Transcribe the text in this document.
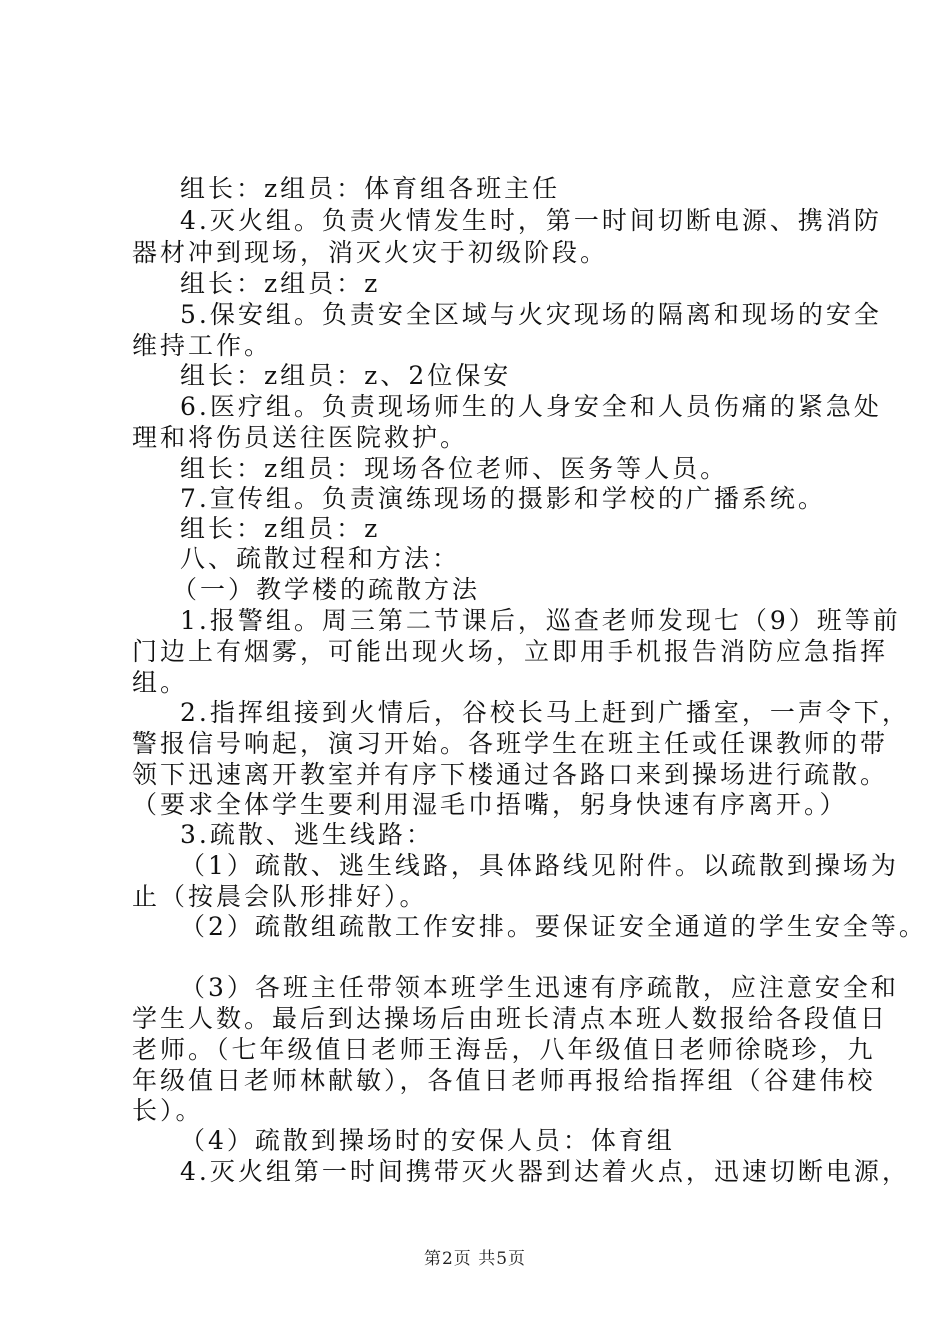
组长：z组员：体育组各班主任
4.灭火组。负责火情发生时，第一时间切断电源、携消防
器材冲到现场，消灭火灾于初级阶段。
组长：z组员：z
5.保安组。负责安全区域与火灾现场的隔离和现场的安全
维持工作。
组长：z组员：z、2位保安
6.医疗组。负责现场师生的人身安全和人员伤痛的紧急处
理和将伤员送往医院救护。
组长：z组员：现场各位老师、医务等人员。
7.宣传组。负责演练现场的摄影和学校的广播系统。
组长：z组员：z
八、疏散过程和方法：
（一）教学楼的疏散方法
1.报警组。周三第二节课后，巡查老师发现七（9）班等前
门边上有烟雾，可能出现火场，立即用手机报告消防应急指挥
组。
2.指挥组接到火情后，谷校长马上赶到广播室，一声令下，
警报信号响起，演习开始。各班学生在班主任或任课教师的带
领下迅速离开教室并有序下楼通过各路口来到操场进行疏散。
（要求全体学生要利用湿毛巾捂嘴，躬身快速有序离开。）
3.疏散、逃生线路：
（1）疏散、逃生线路，具体路线见附件。以疏散到操场为
止（按晨会队形排好）。
（2）疏散组疏散工作安排。要保证安全通道的学生安全等。
（3）各班主任带领本班学生迅速有序疏散，应注意安全和
学生人数。最后到达操场后由班长清点本班人数报给各段值日
老师。（七年级值日老师王海岳，八年级值日老师徐晓珍，九
年级值日老师林献敏），各值日老师再报给指挥组（谷建伟校
长）。
（4）疏散到操场时的安保人员：体育组
4.灭火组第一时间携带灭火器到达着火点，迅速切断电源，
第2页 共5页
